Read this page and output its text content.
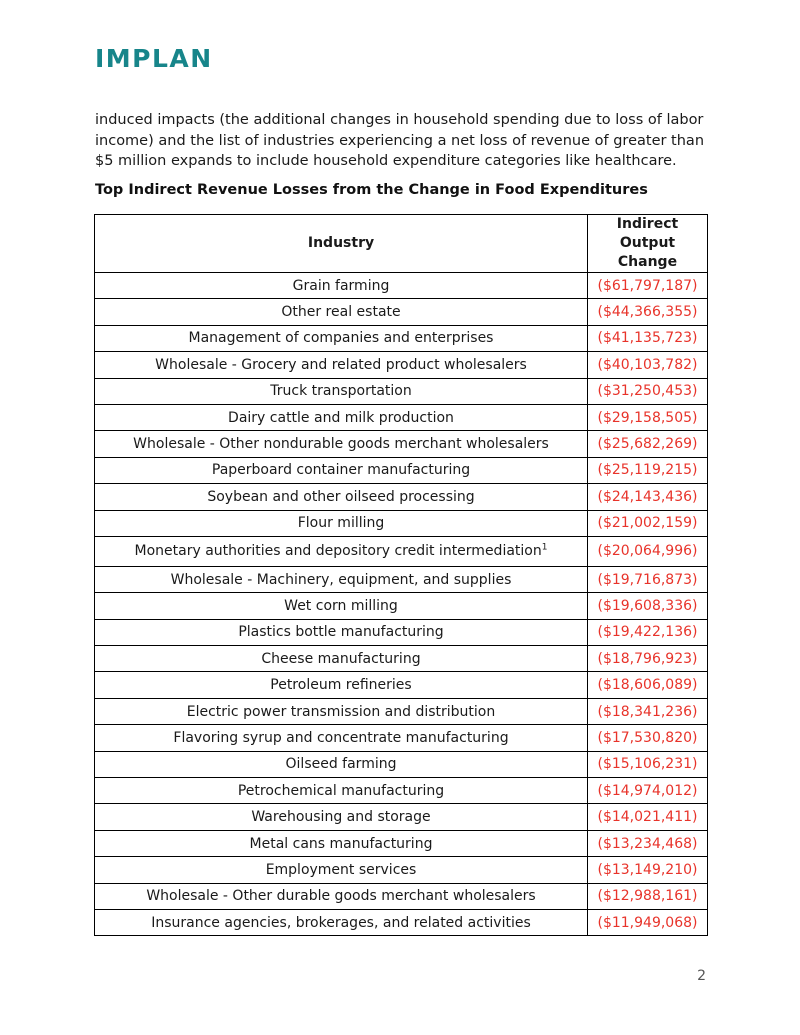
IMPLAN

induced impacts (the additional changes in household spending due to loss of labor income) and the list of industries experiencing a net loss of revenue of greater than $5 million expands to include household expenditure categories like healthcare.

Top Indirect Revenue Losses from the Change in Food Expenditures
Industry	Indirect Output Change
Grain farming	($61,797,187)
Other real estate	($44,366,355)
Management of companies and enterprises	($41,135,723)
Wholesale - Grocery and related product wholesalers	($40,103,782)
Truck transportation	($31,250,453)
Dairy cattle and milk production	($29,158,505)
Wholesale - Other nondurable goods merchant wholesalers	($25,682,269)
Paperboard container manufacturing	($25,119,215)
Soybean and other oilseed processing	($24,143,436)
Flour milling	($21,002,159)
Monetary authorities and depository credit intermediation$^1$	($20,064,996)
Wholesale - Machinery, equipment, and supplies	($19,716,873)
Wet corn milling	($19,608,336)
Plastics bottle manufacturing	($19,422,136)
Cheese manufacturing	($18,796,923)
Petroleum refineries	($18,606,089)
Electric power transmission and distribution	($18,341,236)
Flavoring syrup and concentrate manufacturing	($17,530,820)
Oilseed farming	($15,106,231)
Petrochemical manufacturing	($14,974,012)
Warehousing and storage	($14,021,411)
Metal cans manufacturing	($13,234,468)
Employment services	($13,149,210)
Wholesale - Other durable goods merchant wholesalers	($12,988,161)
Insurance agencies, brokerages, and related activities	($11,949,068)
2
